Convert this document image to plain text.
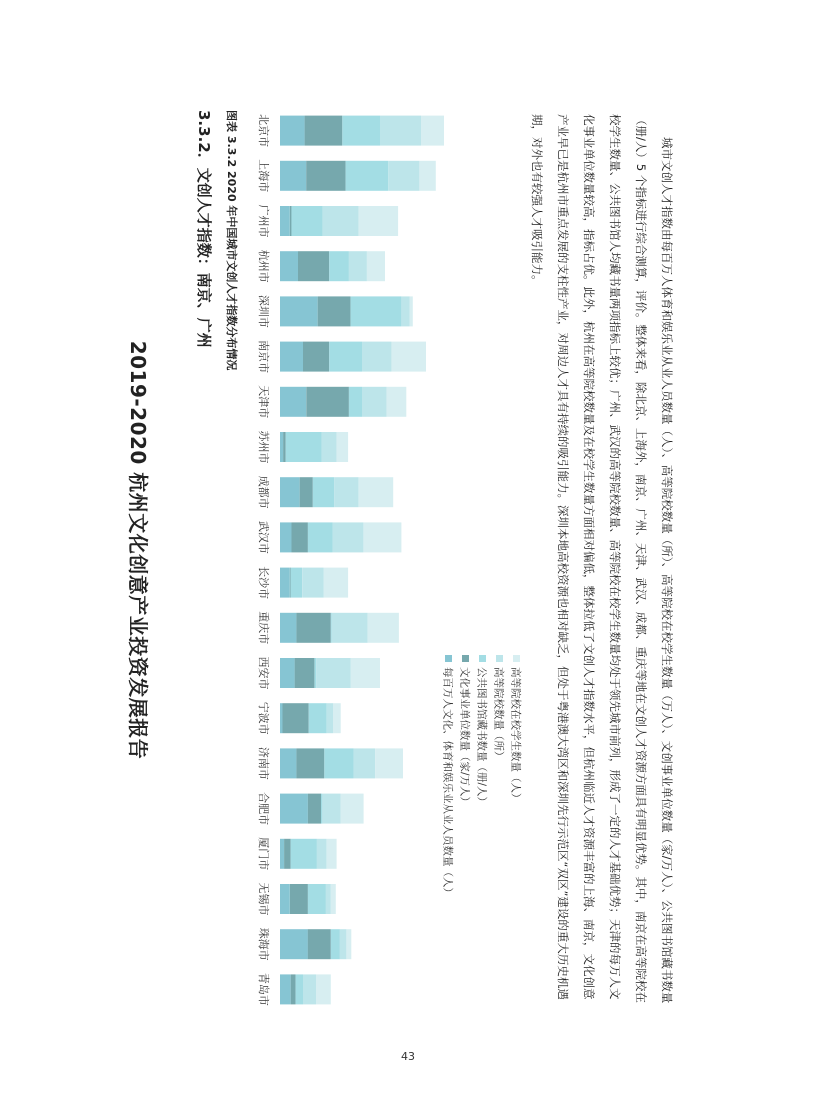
2019-2020 杭州文化创意产业投资发展报告
3.3.2．文创人才指数：南京、广州 图表 3.3.2 2020 年中国城市文创人才指数分布情况 北京市
上海市
广州市
杭州市
深圳市
南京市
天津市
苏州市
成都市
武汉市
长沙市
重庆市
西安市
宁波市
济南市
合肥市
厦门市
无锡市
珠海市
青岛市
高等院校在校学生数量（人）
高等院校数量（所）
公共图书馆藏书数量（册/人）
文化事业单位数量（家/万人）
每百万人文化、体育和娱乐业从业人员数量（人）	城市文创人才指数由每百万人体育和娱乐业从业人员数量（人）、高等院校数量（所）、高等院校在校学生数量（万人）、文创事业单位数量（家/万人）、公共图书馆藏书数量（册/人）5 个指标进行综合测算，评价。整体来看，除北京、上海外，南京、广州、天津、武汉、成都、重庆等地在文创人才资源方面具有明显优势。其中，南京在高等院校在校学生数量、公共图书馆人均藏书量两项指标上较优；广州、武汉的高等院校数量、高等院校在校学生数量均处于领先城市前列，形成了一定的人才基础优势；天津的每万人文化事业单位数量较高，指标占优。此外，杭州在高等院校数量及在校学生数量方面相对偏低，整体拉低了文创人才指数水平，但杭州临近人才资源丰富的上海、南京，文化创意产业早已是杭州市重点发展的支柱性产业，对周边人才具有持续的吸引能力。深圳本地高校资源也相对缺乏，但处于粤港澳大湾区和深圳先行示范区“双区”建设的重大历史机遇期，对外也有较强人才吸引能力。
43
